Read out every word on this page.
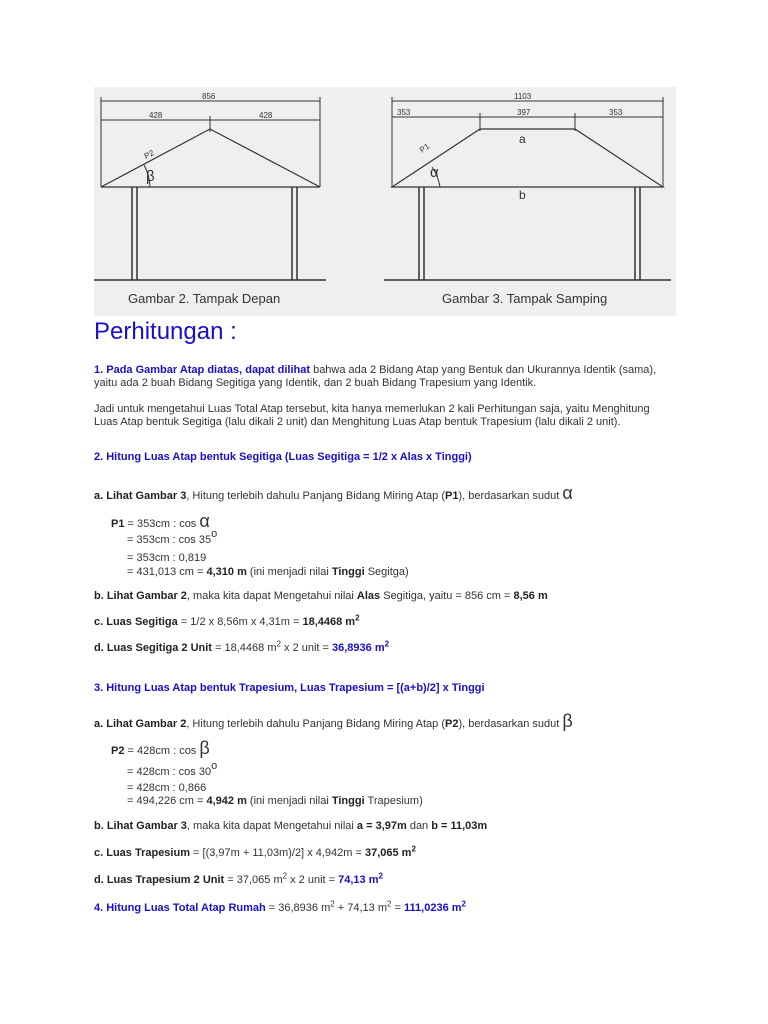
856
428	428
P2
1103
353	397	353
P1
β	α
a
b
Gambar 2. Tampak Depan	Gambar 3. Tampak Samping
Perhitungan :
1. Pada Gambar Atap diatas, dapat dilihat bahwa ada 2 Bidang Atap yang Bentuk dan Ukurannya Identik (sama), yaitu ada 2 buah Bidang Segitiga yang Identik, dan 2 buah Bidang Trapesium yang Identik.
Jadi untuk mengetahui Luas Total Atap tersebut, kita hanya memerlukan 2 kali Perhitungan saja, yaitu Menghitung Luas Atap bentuk Segitiga (lalu dikali 2 unit) dan Menghitung Luas Atap bentuk Trapesium (lalu dikali 2 unit).
2. Hitung Luas Atap bentuk Segitiga (Luas Segitiga = 1/2 x Alas x Tinggi)
a. Lihat Gambar 3, Hitung terlebih dahulu Panjang Bidang Miring Atap (P1), berdasarkan sudut α
P1 = 353cm : cos α
= 353cm : cos 35o
= 353cm : 0,819
= 431,013 cm = 4,310 m (ini menjadi nilai Tinggi Segitga)
b. Lihat Gambar 2, maka kita dapat Mengetahui nilai Alas Segitiga, yaitu = 856 cm = 8,56 m
c. Luas Segitiga = 1/2 x 8,56m x 4,31m = 18,4468 $m^2$
d. Luas Segitiga 2 Unit = 18,4468 $m^2$ x 2 unit = 36,8936 $m^2$
3. Hitung Luas Atap bentuk Trapesium, Luas Trapesium = [(a+b)/2] x Tinggi
a. Lihat Gambar 2, Hitung terlebih dahulu Panjang Bidang Miring Atap (P2), berdasarkan sudut β
P2 = 428cm : cos β
= 428cm : cos 30o
= 428cm : 0,866
= 494,226 cm = 4,942 m (ini menjadi nilai Tinggi Trapesium)
b. Lihat Gambar 3, maka kita dapat Mengetahui nilai a = 3,97m dan b = 11,03m
c. Luas Trapesium = [(3,97m + 11,03m)/2] x 4,942m = 37,065 $m^2$
d. Luas Trapesium 2 Unit = 37,065 $m^2$ x 2 unit = 74,13 $m^2$
4. Hitung Luas Total Atap Rumah = 36,8936 $m^2 + 74,13$ $m^2 = 111,0236$ $m^2$
